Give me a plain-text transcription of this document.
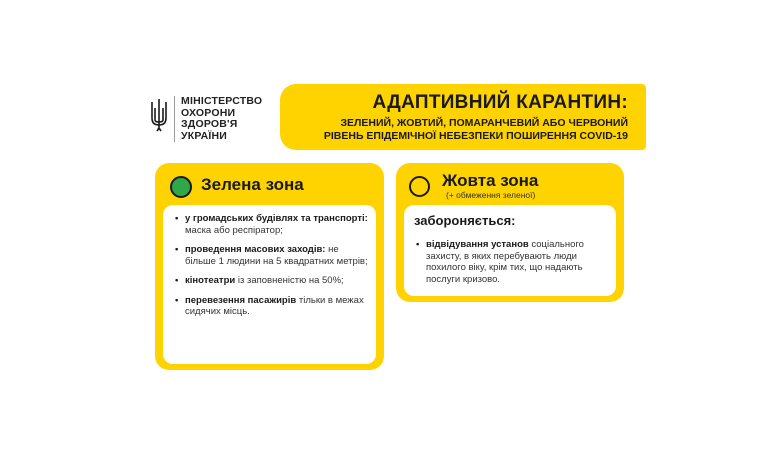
МІНІСТЕРСТВО
ОХОРОНИ
ЗДОРОВ'Я
УКРАЇНИ
АДАПТИВНИЙ КАРАНТИН:
ЗЕЛЕНИЙ, ЖОВТИЙ, ПОМАРАНЧЕВИЙ АБО ЧЕРВОНИЙ
РІВЕНЬ ЕПІДЕМІЧНОЇ НЕБЕЗПЕКИ ПОШИРЕННЯ COVID-19
Зелена зона
• у громадських будівлях та транспорті: маска або респіратор;
• проведення масових заходів: не більше 1 людини на 5 квадратних метрів;
• кінотеатри із заповненістю на 50%;
• перевезення пасажирів тільки в межах сидячих місць.
Жовта зона
(+ обмеження зеленої)
забороняється:
• відвідування установ соціального захисту, в яких перебувають люди похилого віку, крім тих, що надають послуги кризово.
